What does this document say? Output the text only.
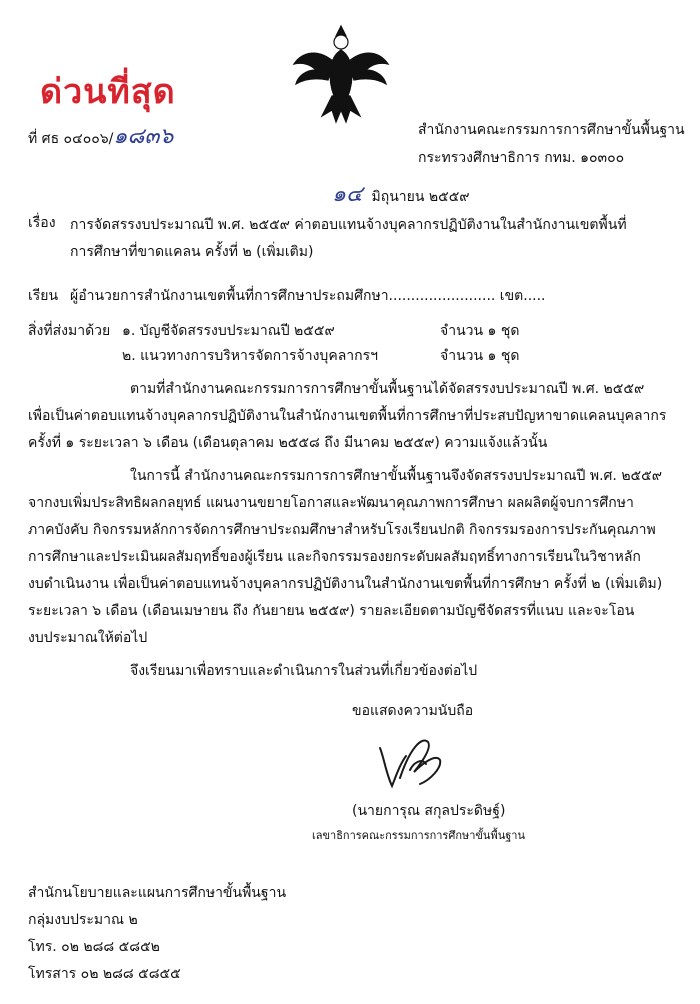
ด่วนที่สุด
ที่ ศธ ๐๔๐๐๖/๑๘๓๖	สำนักงานคณะกรรมการการศึกษาขั้นพื้นฐาน
กระทรวงศึกษาธิการ กทม. ๑๐๓๐๐
๑๔ มิถุนายน ๒๕๕๙
เรื่อง การจัดสรรงบประมาณปี พ.ศ. ๒๕๕๙ ค่าตอบแทนจ้างบุคลากรปฏิบัติงานในสำนักงานเขตพื้นที่
การศึกษาที่ขาดแคลน ครั้งที่ ๒ (เพิ่มเติม)
เรียน ผู้อำนวยการสำนักงานเขตพื้นที่การศึกษาประถมศึกษา........................ เขต.....
สิ่งที่ส่งมาด้วย ๑. บัญชีจัดสรรงบประมาณปี ๒๕๕๙	จำนวน ๑ ชุด
๒. แนวทางการบริหารจัดการจ้างบุคลากรฯ	จำนวน ๑ ชุด
ตามที่สำนักงานคณะกรรมการการศึกษาขั้นพื้นฐานได้จัดสรรงบประมาณปี พ.ศ. ๒๕๕๙
เพื่อเป็นค่าตอบแทนจ้างบุคลากรปฏิบัติงานในสำนักงานเขตพื้นที่การศึกษาที่ประสบปัญหาขาดแคลนบุคลากร
ครั้งที่ ๑ ระยะเวลา ๖ เดือน (เดือนตุลาคม ๒๕๕๘ ถึง มีนาคม ๒๕๕๙) ความแจ้งแล้วนั้น
ในการนี้ สำนักงานคณะกรรมการการศึกษาขั้นพื้นฐานจึงจัดสรรงบประมาณปี พ.ศ. ๒๕๕๙
จากงบเพิ่มประสิทธิผลกลยุทธ์ แผนงานขยายโอกาสและพัฒนาคุณภาพการศึกษา ผลผลิตผู้จบการศึกษา
ภาคบังคับ กิจกรรมหลักการจัดการศึกษาประถมศึกษาสำหรับโรงเรียนปกติ กิจกรรมรองการประกันคุณภาพ
การศึกษาและประเมินผลสัมฤทธิ์ของผู้เรียน และกิจกรรมรองยกระดับผลสัมฤทธิ์ทางการเรียนในวิชาหลัก
งบดำเนินงาน เพื่อเป็นค่าตอบแทนจ้างบุคลากรปฏิบัติงานในสำนักงานเขตพื้นที่การศึกษา ครั้งที่ ๒ (เพิ่มเติม)
ระยะเวลา ๖ เดือน (เดือนเมษายน ถึง กันยายน ๒๕๕๙) รายละเอียดตามบัญชีจัดสรรที่แนบ และจะโอน
งบประมาณให้ต่อไป
จึงเรียนมาเพื่อทราบและดำเนินการในส่วนที่เกี่ยวข้องต่อไป
ขอแสดงความนับถือ
(นายการุณ สกุลประดิษฐ์)
เลขาธิการคณะกรรมการการศึกษาขั้นพื้นฐาน
สำนักนโยบายและแผนการศึกษาขั้นพื้นฐาน
กลุ่มงบประมาณ ๒
โทร. ๐๒ ๒๘๘ ๕๘๕๒
โทรสาร ๐๒ ๒๘๘ ๕๘๕๕
